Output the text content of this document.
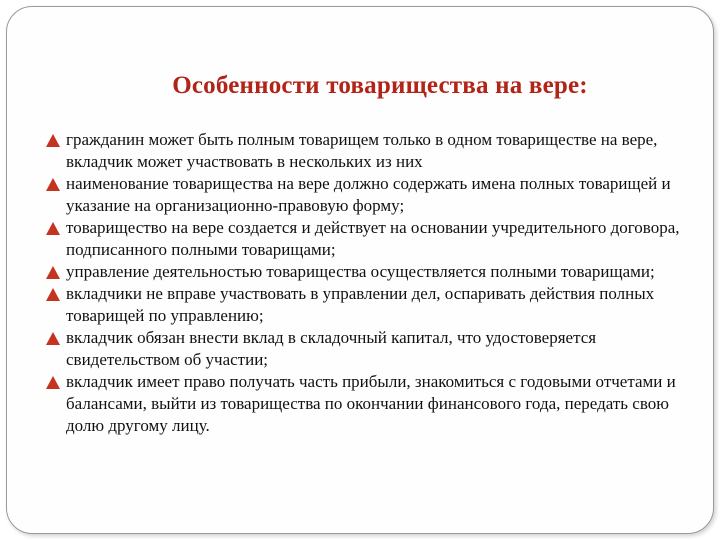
Особенности товарищества на вере:
гражданин может быть полным товарищем только в одном товариществе на вере, вкладчик может участвовать в нескольких из них
наименование товарищества на вере должно содержать имена полных товарищей и указание на организационно-правовую форму;
товарищество на вере создается и действует на основании учредительного договора, подписанного полными товарищами;
управление деятельностью товарищества осуществляется полными товарищами;
вкладчики не вправе участвовать в управлении дел, оспаривать действия полных товарищей по управлению;
вкладчик обязан внести вклад в складочный капитал, что удостоверяется свидетельством об участии;
вкладчик имеет право получать часть прибыли, знакомиться с годовыми отчетами и балансами, выйти из товарищества по окончании финансового года, передать свою долю другому лицу.
